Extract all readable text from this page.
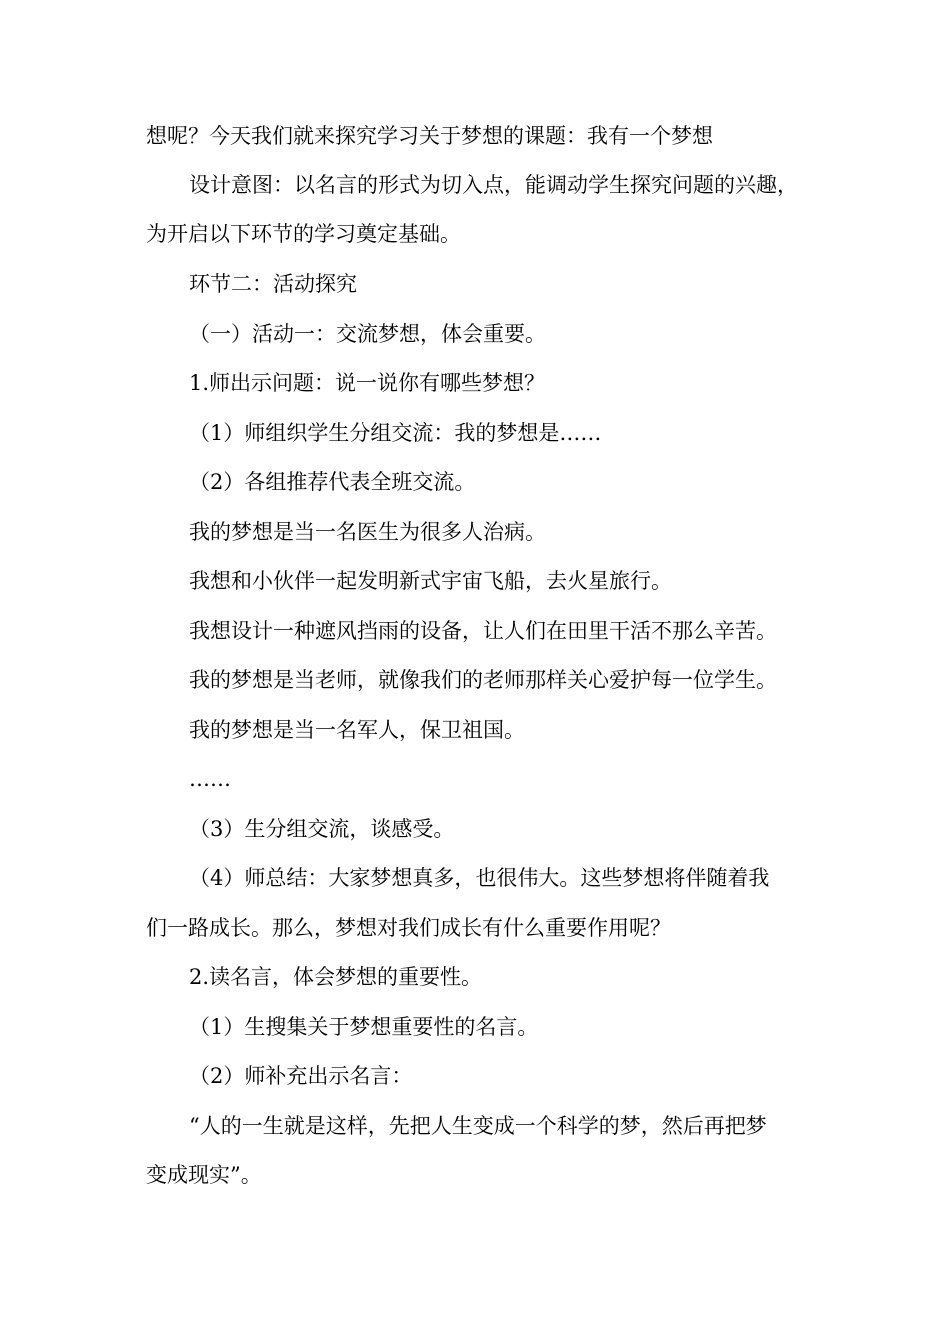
想呢？今天我们就来探究学习关于梦想的课题：我有一个梦想

设计意图：以名言的形式为切入点，能调动学生探究问题的兴趣，

为开启以下环节的学习奠定基础。

环节二：活动探究

（一）活动一：交流梦想，体会重要。

1.师出示问题：说一说你有哪些梦想？

（1）师组织学生分组交流：我的梦想是……

（2）各组推荐代表全班交流。

我的梦想是当一名医生为很多人治病。

我想和小伙伴一起发明新式宇宙飞船，去火星旅行。

我想设计一种遮风挡雨的设备，让人们在田里干活不那么辛苦。

我的梦想是当老师，就像我们的老师那样关心爱护每一位学生。

我的梦想是当一名军人，保卫祖国。

……

（3）生分组交流，谈感受。

（4）师总结：大家梦想真多，也很伟大。这些梦想将伴随着我

们一路成长。那么，梦想对我们成长有什么重要作用呢？

2.读名言，体会梦想的重要性。

（1）生搜集关于梦想重要性的名言。

（2）师补充出示名言：

“人的一生就是这样，先把人生变成一个科学的梦，然后再把梦

变成现实”。
